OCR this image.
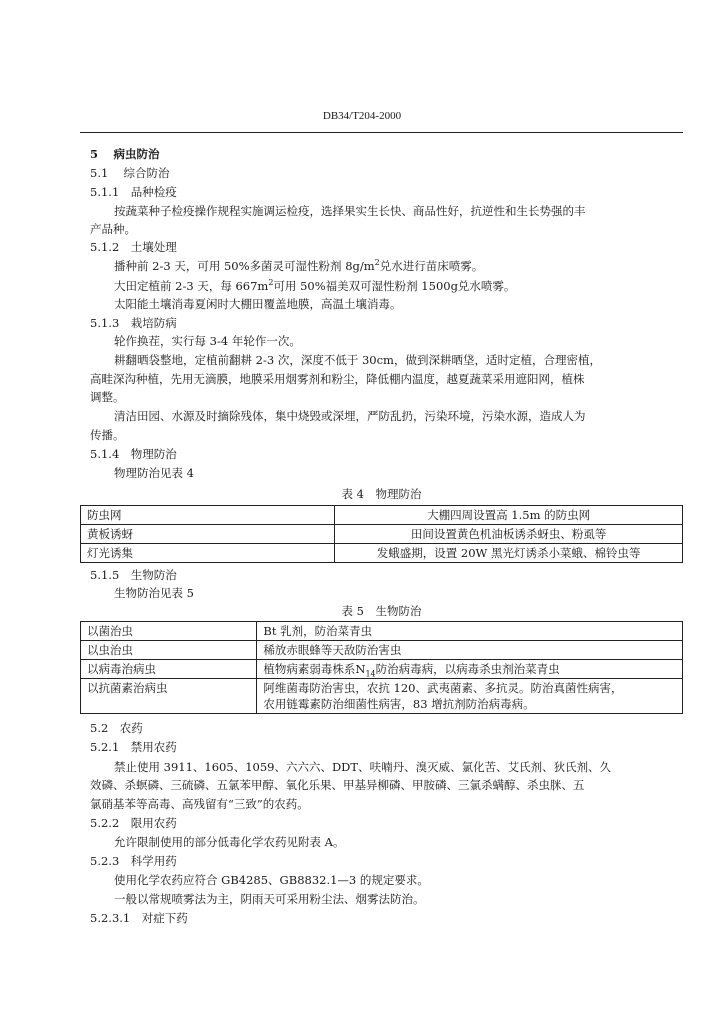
DB34/T204-2000
5　 病虫防治
5.1　 综合防治
5.1.1　品种检疫
按蔬菜种子检疫操作规程实施调运检疫，选择果实生长快、商品性好，抗逆性和生长势强的丰
产品种。
5.1.2　土壤处理
播种前 2-3 天，可用 50%多菌灵可湿性粉剂 $8g/m^2$兑水进行苗床喷雾。
大田定植前 2-3 天，每 $667m^2$可用 50%福美双可湿性粉剂 1500g兑水喷雾。
太阳能土壤消毒夏闲时大棚田覆盖地膜，高温土壤消毒。
5.1.3　栽培防病
轮作换茬，实行每 3-4 年轮作一次。
耕翻晒袋整地，定植前翻耕 2-3 次，深度不低于 30cm，做到深耕晒垡，适时定植，合理密植，
高畦深沟种植，先用无滴膜，地膜采用烟雾剂和粉尘，降低棚内温度，越夏蔬菜采用遮阳网，植株
调整。
清洁田园、水源及时摘除残体，集中烧毁或深埋，严防乱扔，污染环境，污染水源，造成人为
传播。
5.1.4　物理防治
物理防治见表 4
表 4　物理防治
防虫网	大棚四周设置高 1.5m 的防虫网
黄板诱蚜	田间设置黄色机油板诱杀蚜虫、粉虱等
灯光诱集	发蛾盛期，设置 20W 黑光灯诱杀小菜蛾、棉铃虫等
5.1.5　生物防治
生物防治见表 5
表 5　生物防治
以菌治虫	Bt 乳剂，防治菜青虫
以虫治虫	稀放赤眼蜂等天敌防治害虫
以病毒治病虫	植物病素弱毒株系$N_{14}$防治病毒病，以病毒杀虫剂治菜青虫
以抗菌素治病虫	阿维菌毒防治害虫，农抗 120、武夷菌素、多抗灵。防治真菌性病害，
农用链霉素防治细菌性病害，83 增抗剂防治病毒病。
5.2　农药
5.2.1　禁用农药
禁止使用 3911、1605、1059、六六六、DDT、呋喃丹、溴灭威、氯化苦、艾氏剂、狄氏剂、久
效磷、杀螟磷、三硫磷、五氯苯甲醇、氧化乐果、甲基异柳磷、甲胺磷、三氯杀螨醇、杀虫脒、五
氯硝基苯等高毒、高残留有“三致”的农药。
5.2.2　限用农药
允许限制使用的部分低毒化学农药见附表 A。
5.2.3　科学用药
使用化学农药应符合 GB4285、GB8832.1—3 的规定要求。
一般以常规喷雾法为主，阴雨天可采用粉尘法、烟雾法防治。
5.2.3.1　对症下药
